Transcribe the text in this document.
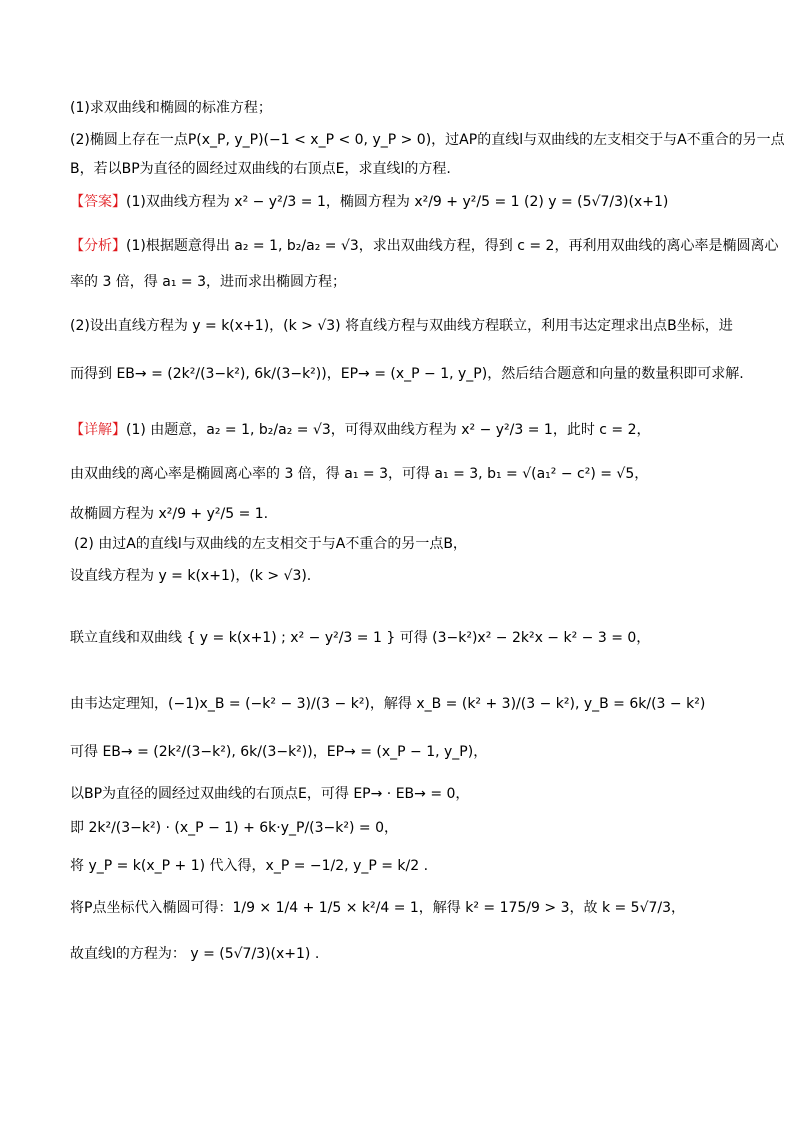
(1)求双曲线和椭圆的标准方程；
(2)椭圆上存在一点P(x_P, y_P)(−1 < x_P < 0, y_P > 0)，过AP的直线l与双曲线的左支相交于与A不重合的另一点
B，若以BP为直径的圆经过双曲线的右顶点E，求直线l的方程.
【答案】(1)双曲线方程为 x² − y²/3 = 1，椭圆方程为 x²/9 + y²/5 = 1 (2) y = (5√7/3)(x+1)
【分析】(1)根据题意得出 a₂ = 1, b₂/a₂ = √3，求出双曲线方程，得到 c = 2，再利用双曲线的离心率是椭圆离心
率的 3 倍，得 a₁ = 3，进而求出椭圆方程；
(2)设出直线方程为 y = k(x+1)，(k > √3) 将直线方程与双曲线方程联立，利用韦达定理求出点B坐标，进
而得到 EB→ = (2k²/(3−k²), 6k/(3−k²))，EP→ = (x_P − 1, y_P)，然后结合题意和向量的数量积即可求解.
【详解】(1) 由题意，a₂ = 1, b₂/a₂ = √3，可得双曲线方程为 x² − y²/3 = 1，此时 c = 2，
由双曲线的离心率是椭圆离心率的 3 倍，得 a₁ = 3，可得 a₁ = 3, b₁ = √(a₁² − c²) = √5，
故椭圆方程为 x²/9 + y²/5 = 1.
(2) 由过A的直线l与双曲线的左支相交于与A不重合的另一点B，
设直线方程为 y = k(x+1)，(k > √3).
联立直线和双曲线 { y = k(x+1) ; x² − y²/3 = 1 } 可得 (3−k²)x² − 2k²x − k² − 3 = 0，
由韦达定理知，(−1)x_B = (−k² − 3)/(3 − k²)，解得 x_B = (k² + 3)/(3 − k²), y_B = 6k/(3 − k²)
可得 EB→ = (2k²/(3−k²), 6k/(3−k²))，EP→ = (x_P − 1, y_P)，
以BP为直径的圆经过双曲线的右顶点E，可得 EP→ · EB→ = 0，
即 2k²/(3−k²) · (x_P − 1) + 6k·y_P/(3−k²) = 0，
将 y_P = k(x_P + 1) 代入得，x_P = −1/2, y_P = k/2 .
将P点坐标代入椭圆可得：1/9 × 1/4 + 1/5 × k²/4 = 1，解得 k² = 175/9 > 3，故 k = 5√7/3，
故直线l的方程为： y = (5√7/3)(x+1) .
